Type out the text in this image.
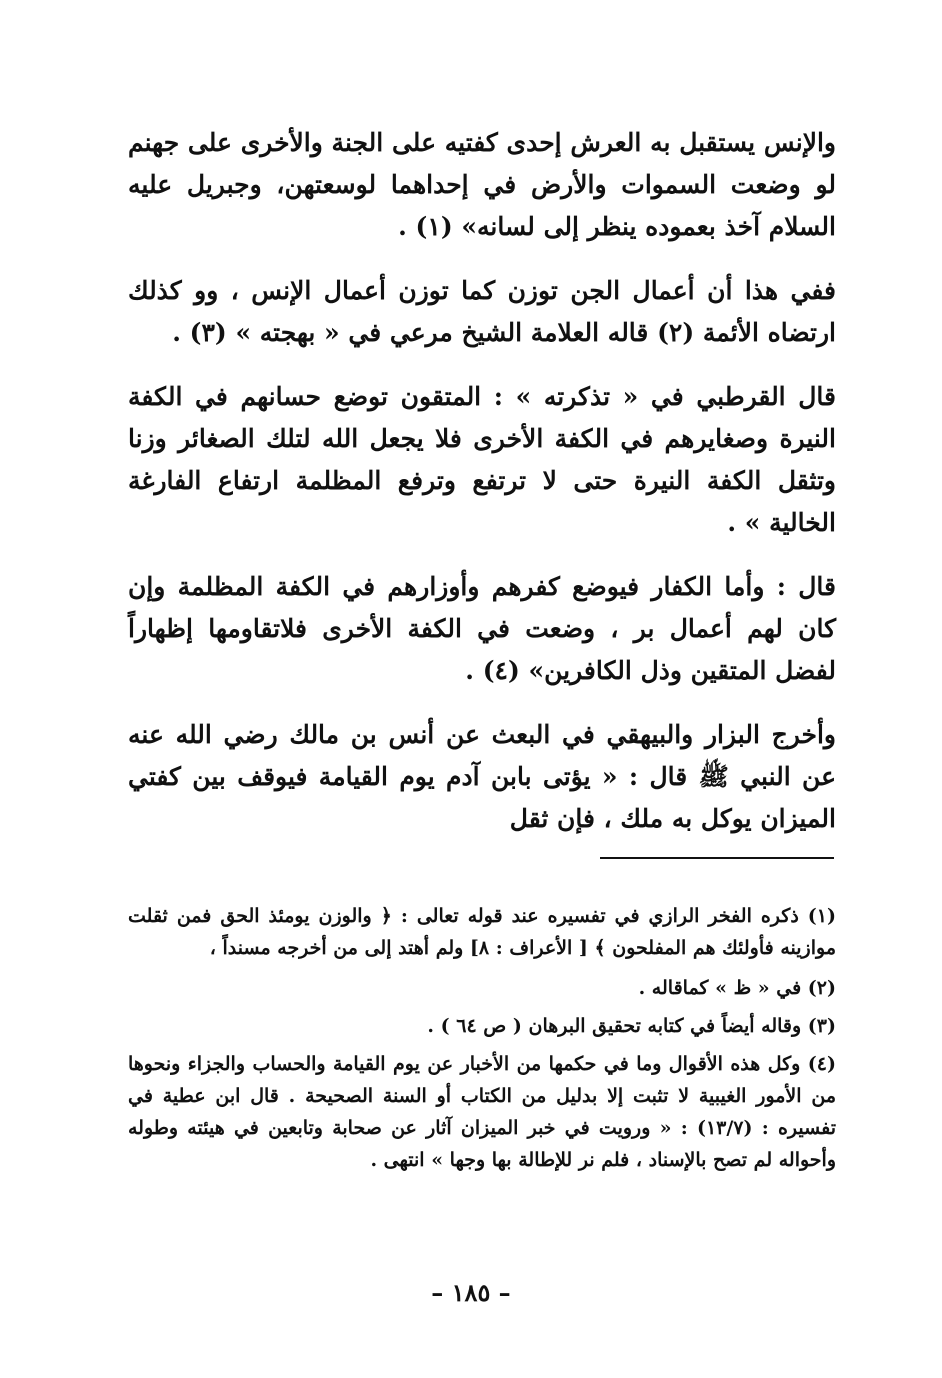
والإنس يستقبل به العرش إحدى كفتيه على الجنة والأخرى على جهنم لو وضعت السموات والأرض في إحداهما لوسعتهن، وجبريل عليه السلام آخذ بعموده ينظر إلى لسانه» (١) .

ففي هذا أن أعمال الجن توزن كما توزن أعمال الإنس ، وو كذلك ارتضاه الأئمة (٢) قاله العلامة الشيخ مرعي في « بهجته » (٣) .

قال القرطبي في « تذكرته » : المتقون توضع حسانهم في الكفة النيرة وصغايرهم في الكفة الأخرى فلا يجعل الله لتلك الصغائر وزنا وتثقل الكفة النيرة حتى لا ترتفع وترفع المظلمة ارتفاع الفارغة الخالية » .

قال : وأما الكفار فيوضع كفرهم وأوزارهم في الكفة المظلمة وإن كان لهم أعمال بر ، وضعت في الكفة الأخرى فلاتقاومها إظهاراً لفضل المتقين وذل الكافرين» (٤) .

وأخرج البزار والبيهقي في البعث عن أنس بن مالك رضي الله عنه عن النبي ﷺ قال : « يؤتى بابن آدم يوم القيامة فيوقف بين كفتي الميزان يوكل به ملك ، فإن ثقل

(١) ذكره الفخر الرازي في تفسيره عند قوله تعالى : ﴿ والوزن يومئذ الحق فمن ثقلت موازينه فأولئك هم المفلحون ﴾ [ الأعراف : ٨] ولم أهتد إلى من أخرجه مسنداً ،

(٢) في « ظ » كماقاله .

(٣) وقاله أيضاً في كتابه تحقيق البرهان ( ص ٦٤ ) .

(٤) وكل هذه الأقوال وما في حكمها من الأخبار عن يوم القيامة والحساب والجزاء ونحوها من الأمور الغيبية لا تثبت إلا بدليل من الكتاب أو السنة الصحيحة . قال ابن عطية في تفسيره : (١٣/٧) : « ورويت في خبر الميزان آثار عن صحابة وتابعين في هيئته وطوله وأحواله لم تصح بالإسناد ، فلم نر للإطالة بها وجها » انتهى .

– ١٨٥ –
